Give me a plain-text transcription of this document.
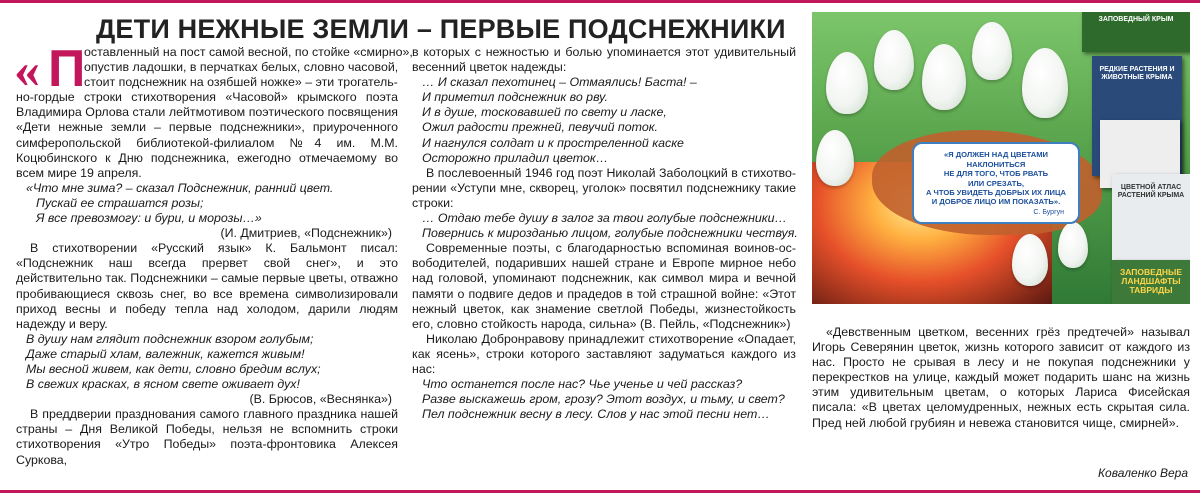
ДЕТИ НЕЖНЫЕ ЗЕМЛИ – ПЕРВЫЕ ПОДСНЕЖНИКИ
« П

оставленный на пост самой весной, по стойке «смирно»,

опустив ладошки, в перчатках белых, словно часовой,

стоит подснежник на озябшей ножке» – эти трогатель-

но-гордые строки стихотворения «Часовой» крымского поэта Владимира Орлова стали лейтмотивом поэтического посвящения «Дети нежные земли – первые подснежники», приуроченного симферопольской библиотекой-филиалом №4 им. М.М. Коцюбинского к Дню подснежника, ежегодно отмечаемому во всем мире 19 апреля.

«Что мне зима? – сказал Подснежник, ранний цвет.

Пускай ее страшатся розы;

Я все превозмогу: и бури, и морозы…»

(И. Дмитриев, «Подснежник»)

В стихотворении «Русский язык» К. Бальмонт писал: «Подснежник наш всегда прервет свой снег», и это действительно так. Подснежники – самые первые цветы, отважно пробивающиеся сквозь снег, во все времена символизировали приход весны и победу тепла над холодом, дарили людям надежду и веру.

В душу нам глядит подснежник взором голубым;

Даже старый хлам, валежник, кажется живым!

Мы весной живем, как дети, словно бредим вслух;

В свежих красках, в ясном свете оживает дух!

(В. Брюсов, «Веснянка»)

В преддверии празднования самого главного праздника нашей страны – Дня Великой Победы, нельзя не вспомнить строки стихотворения «Утро Победы» поэта-фронтовика Алексея Суркова,

в которых с нежностью и болью упоминается этот удивительный весенний цветок надежды:

… И сказал пехотинец – Отмаялись! Баста! –

И приметил подснежник во рву.

И в душе, тосковавшей по свету и ласке,

Ожил радости прежней, певучий поток.

И нагнулся солдат и к простреленной каске

Осторожно приладил цветок…

В послевоенный 1946 год поэт Николай Заболоцкий в стихотворении «Уступи мне, скворец, уголок» посвятил подснежнику такие строки:

… Отдаю тебе душу в залог за твои голубые подснежники…

Повернись к мирозданью лицом, голубые подснежники чествуя.

Современные поэты, с благодарностью вспоминая воинов-освободителей, подаривших нашей стране и Европе мирное небо над головой, упоминают подснежник, как символ мира и вечной памяти о подвиге дедов и прадедов в той страшной войне: «Этот нежный цветок, как знамение светлой Победы, жизнестойкость его, словно стойкость народа, сильна» (В. Пейль, «Подснежник»)

Николаю Добронравову принадлежит стихотворение «Опадает, как ясень», строки которого заставляют задуматься каждого из нас:

Что останется после нас? Чье ученье и чей рассказ?

Разве выскажешь гром, грозу? Этот воздух, и тьму, и свет?

Пел подснежник весну в лесу. Слов у нас этой песни нет…

«Я ДОЛЖЕН НАД ЦВЕТАМИ
НАКЛОНИТЬСЯ
НЕ ДЛЯ ТОГО, ЧТОБ РВАТЬ
ИЛИ СРЕЗАТЬ,
А ЧТОБ УВИДЕТЬ ДОБРЫХ ИХ ЛИЦА
И ДОБРОЕ ЛИЦО ИМ ПОКАЗАТЬ».
С. Бургун
ЗАПОВЕДНЫЙ КРЫМ
РЕДКИЕ РАСТЕНИЯ И ЖИВОТНЫЕ КРЫМА
ЦВЕТНОЙ АТЛАС РАСТЕНИЙ КРЫМА
ЗАПОВЕДНЫЕ ЛАНДШАФТЫ ТАВРИДЫ

«Девственным цветком, весенних грёз предтечей» называл Игорь Северянин цветок, жизнь которого зависит от каждого из нас. Просто не срывая в лесу и не покупая подснежники у перекрестков на улице, каждый может подарить шанс на жизнь этим удивительным цветам, о которых Лариса Фисейская писала: «В цветах целомудренных, нежных есть скрытая сила. Пред ней любой грубиян и невежа становится чище, смирней».

Коваленко Вера
